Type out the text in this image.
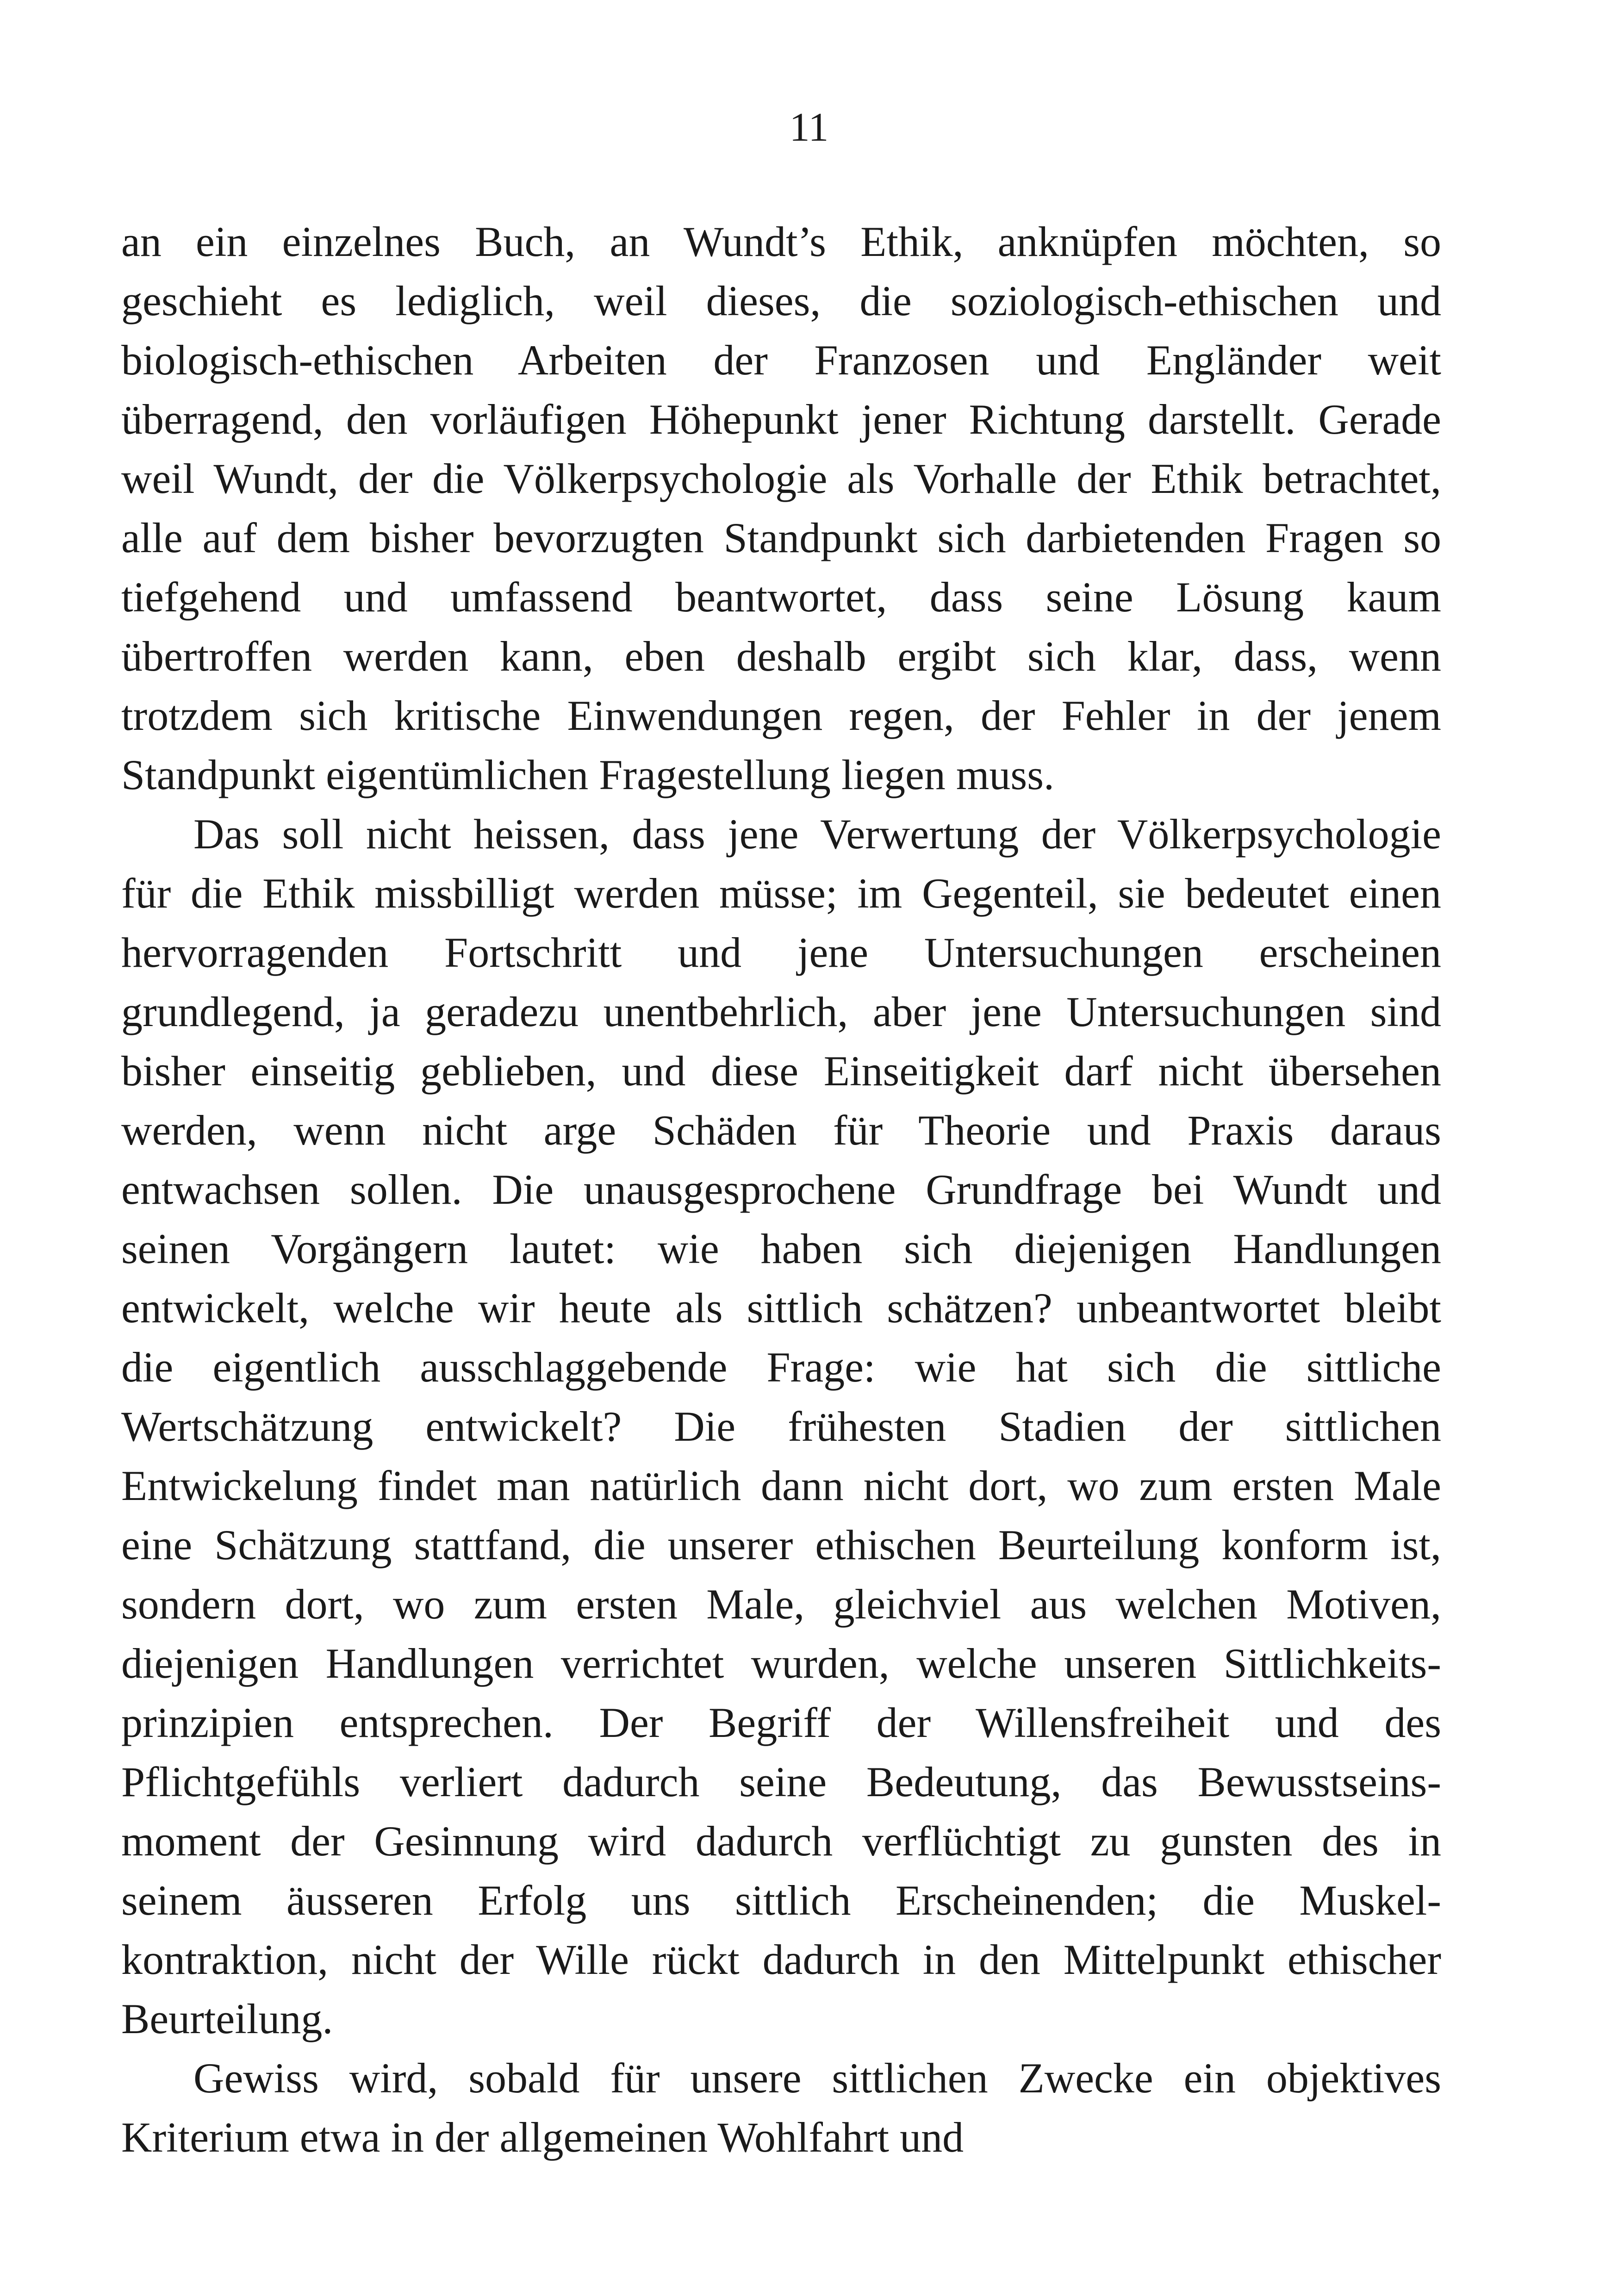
11
an ein einzelnes Buch, an Wundt’s Ethik, anknüpfen möchten, so
geschieht es lediglich, weil dieses, die soziologisch-ethischen und
biologisch-ethischen Arbeiten der Franzosen und Engländer weit
überragend, den vorläufigen Höhepunkt jener Richtung darstellt. Gerade
weil Wundt, der die Völkerpsychologie als Vorhalle der Ethik betrachtet,
alle auf dem bisher bevorzugten Standpunkt sich darbietenden Fragen so
tiefgehend und umfassend beantwortet, dass seine Lösung kaum
übertroffen werden kann, eben deshalb ergibt sich klar, dass, wenn
trotzdem sich kritische Einwendungen regen, der Fehler in der jenem
Standpunkt eigentümlichen Fragestellung liegen muss.
Das soll nicht heissen, dass jene Verwertung der Völkerpsychologie
für die Ethik missbilligt werden müsse; im Gegenteil, sie bedeutet einen
hervorragenden Fortschritt und jene Untersuchungen erscheinen
grundlegend, ja geradezu unentbehrlich, aber jene Untersuchungen sind
bisher einseitig geblieben, und diese Einseitigkeit darf nicht übersehen
werden, wenn nicht arge Schäden für Theorie und Praxis daraus
entwachsen sollen. Die unausgesprochene Grundfrage bei Wundt und
seinen Vorgängern lautet: wie haben sich diejenigen Handlungen
entwickelt, welche wir heute als sittlich schätzen? unbeantwortet bleibt
die eigentlich ausschlaggebende Frage: wie hat sich die sittliche
Wertschätzung entwickelt? Die frühesten Stadien der sittlichen
Entwickelung findet man natürlich dann nicht dort, wo zum ersten Male
eine Schätzung stattfand, die unserer ethischen Beurteilung konform ist,
sondern dort, wo zum ersten Male, gleichviel aus welchen Motiven,
diejenigen Handlungen verrichtet wurden, welche unseren Sittlichkeits-
prinzipien entsprechen. Der Begriff der Willensfreiheit und des
Pflichtgefühls verliert dadurch seine Bedeutung, das Bewusstseins-
moment der Gesinnung wird dadurch verflüchtigt zu gunsten des in
seinem äusseren Erfolg uns sittlich Erscheinenden; die Muskel-
kontraktion, nicht der Wille rückt dadurch in den Mittelpunkt ethischer
Beurteilung.
Gewiss wird, sobald für unsere sittlichen Zwecke ein objektives
Kriterium etwa in der allgemeinen Wohlfahrt und
